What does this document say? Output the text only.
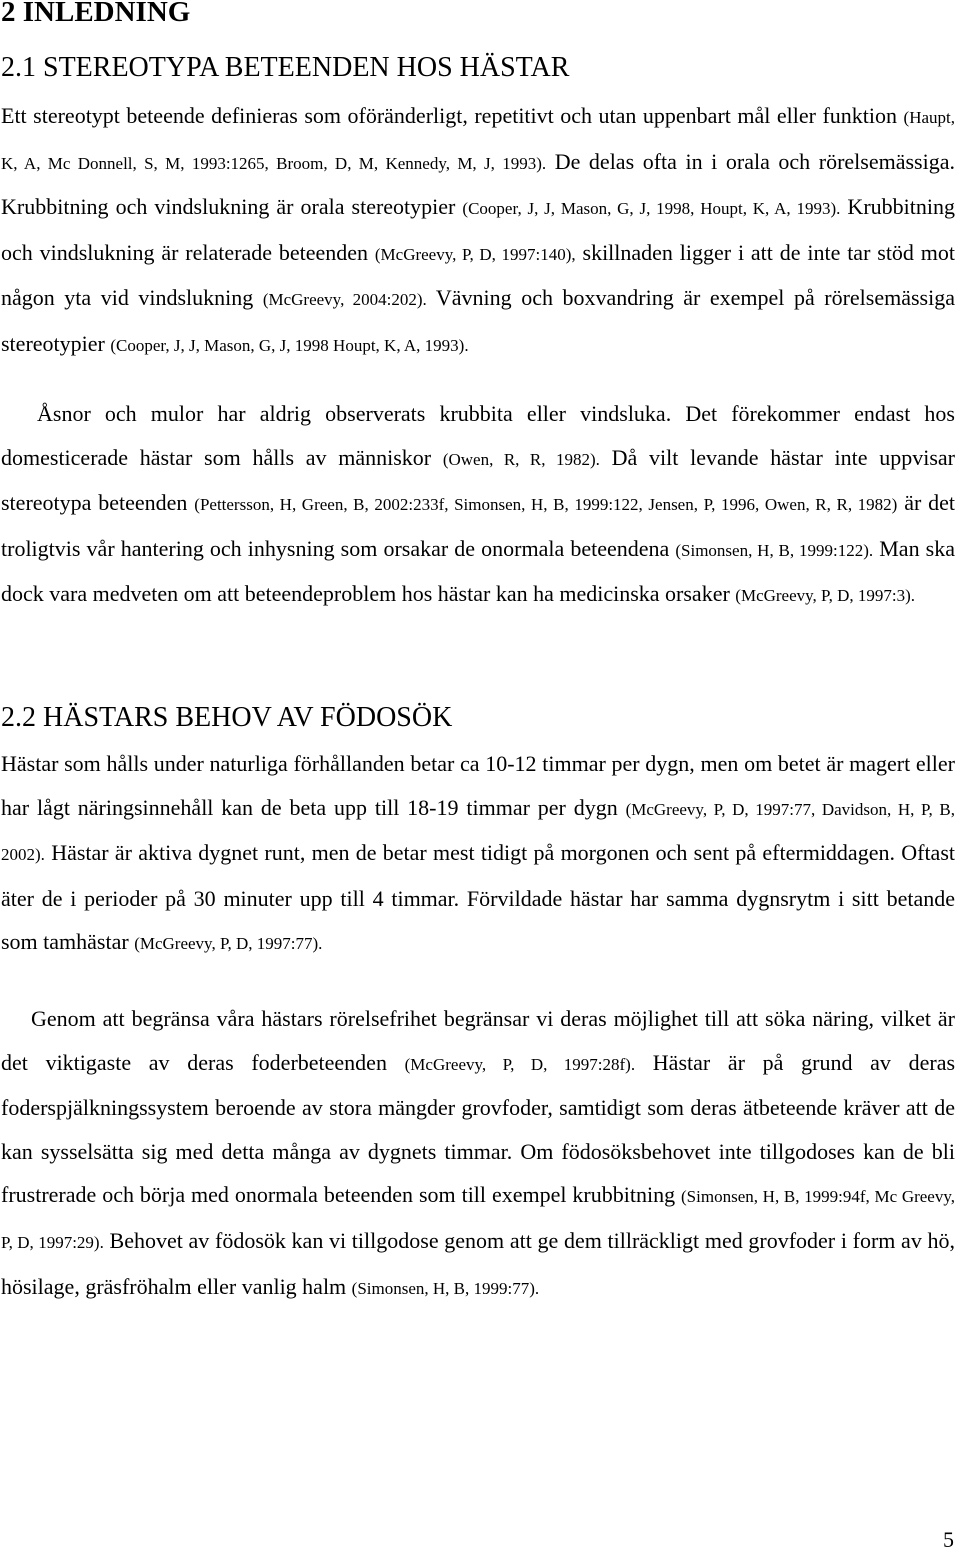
2 INLEDNING
2.1 STEREOTYPA BETEENDEN HOS HÄSTAR

Ett stereotypt beteende definieras som oföränderligt, repetitivt och utan uppenbart mål eller funktion (Haupt, K, A, Mc Donnell, S, M, 1993:1265, Broom, D, M, Kennedy, M, J, 1993). De delas ofta in i orala och rörelsemässiga. Krubbitning och vindslukning är orala stereotypier (Cooper, J, J, Mason, G, J, 1998, Houpt, K, A, 1993). Krubbitning och vindslukning är relaterade beteenden (McGreevy, P, D, 1997:140), skillnaden ligger i att de inte tar stöd mot någon yta vid vindslukning (McGreevy, 2004:202). Vävning och boxvandring är exempel på rörelsemässiga stereotypier (Cooper, J, J, Mason, G, J, 1998 Houpt, K, A, 1993).

Åsnor och mulor har aldrig observerats krubbita eller vindsluka. Det förekommer endast hos domesticerade hästar som hålls av människor (Owen, R, R, 1982). Då vilt levande hästar inte uppvisar stereotypa beteenden (Pettersson, H, Green, B, 2002:233f, Simonsen, H, B, 1999:122, Jensen, P, 1996, Owen, R, R, 1982) är det troligtvis vår hantering och inhysning som orsakar de onormala beteendena (Simonsen, H, B, 1999:122). Man ska dock vara medveten om att beteendeproblem hos hästar kan ha medicinska orsaker (McGreevy, P, D, 1997:3).

2.2 HÄSTARS BEHOV AV FÖDOSÖK

Hästar som hålls under naturliga förhållanden betar ca 10-12 timmar per dygn, men om betet är magert eller har lågt näringsinnehåll kan de beta upp till 18-19 timmar per dygn (McGreevy, P, D, 1997:77, Davidson, H, P, B, 2002). Hästar är aktiva dygnet runt, men de betar mest tidigt på morgonen och sent på eftermiddagen. Oftast äter de i perioder på 30 minuter upp till 4 timmar. Förvildade hästar har samma dygnsrytm i sitt betande som tamhästar (McGreevy, P, D, 1997:77).

Genom att begränsa våra hästars rörelsefrihet begränsar vi deras möjlighet till att söka näring, vilket är det viktigaste av deras foderbeteenden (McGreevy, P, D, 1997:28f). Hästar är på grund av deras foderspjälkningssystem beroende av stora mängder grovfoder, samtidigt som deras ätbeteende kräver att de kan sysselsätta sig med detta många av dygnets timmar. Om födosöksbehovet inte tillgodoses kan de bli frustrerade och börja med onormala beteenden som till exempel krubbitning (Simonsen, H, B, 1999:94f, Mc Greevy, P, D, 1997:29). Behovet av födosök kan vi tillgodose genom att ge dem tillräckligt med grovfoder i form av hö, hösilage, gräsfröhalm eller vanlig halm (Simonsen, H, B, 1999:77).

5
